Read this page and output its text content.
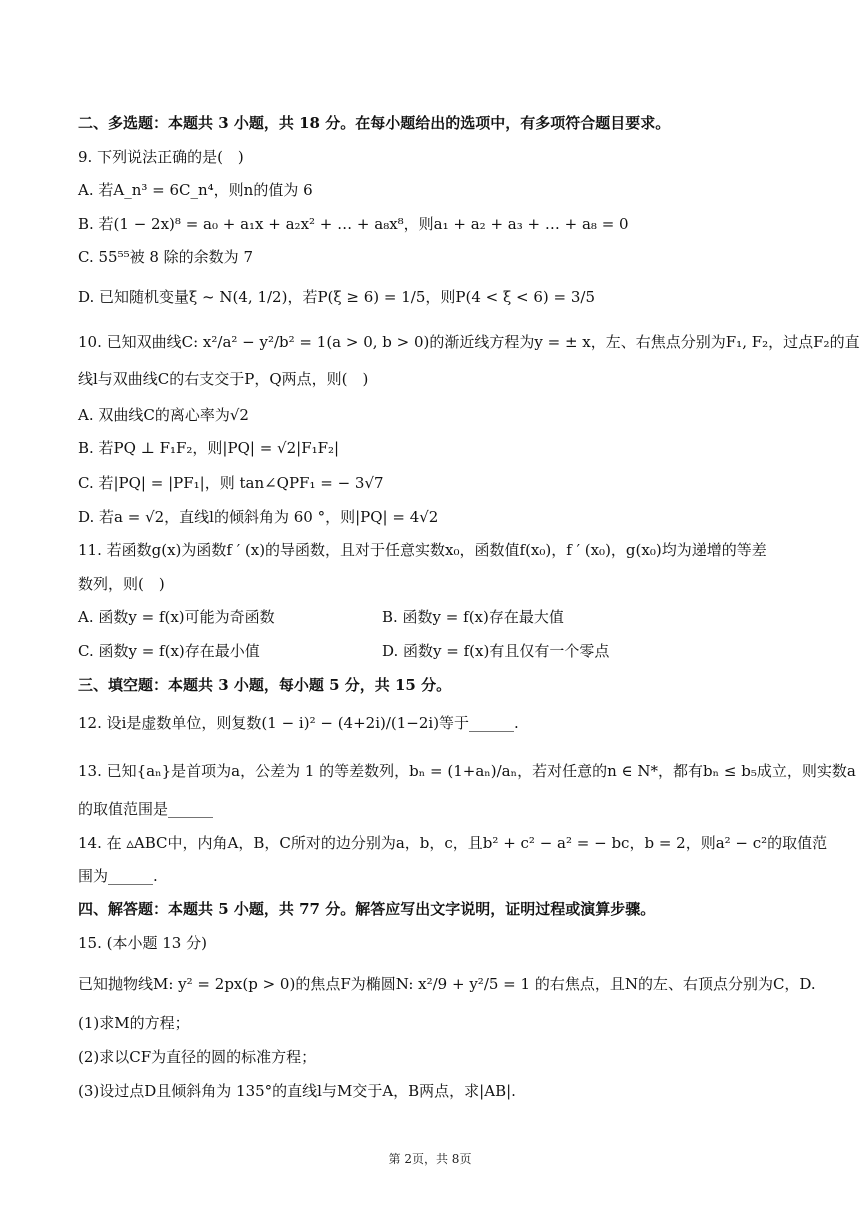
二、多选题：本题共 3 小题，共 18 分。在每小题给出的选项中，有多项符合题目要求。
9. 下列说法正确的是(　)
A. 若A_n³ = 6C_n⁴，则n的值为 6
B. 若(1 − 2x)⁸ = a₀ + a₁x + a₂x² + … + a₈x⁸，则a₁ + a₂ + a₃ + … + a₈ = 0
C. 55⁵⁵被 8 除的余数为 7
D. 已知随机变量ξ ~ N(4, 1/2)，若P(ξ ≥ 6) = 1/5，则P(4 < ξ < 6) = 3/5
10. 已知双曲线C: x²/a² − y²/b² = 1(a > 0, b > 0)的渐近线方程为y = ± x，左、右焦点分别为F₁, F₂，过点F₂的直
线l与双曲线C的右支交于P，Q两点，则(　)
A. 双曲线C的离心率为√2
B. 若PQ ⊥ F₁F₂，则|PQ| = √2|F₁F₂|
C. 若|PQ| = |PF₁|，则 tan∠QPF₁ = − 3√7
D. 若a = √2，直线l的倾斜角为 60 °，则|PQ| = 4√2
11. 若函数g(x)为函数f ′ (x)的导函数，且对于任意实数x₀，函数值f(x₀)，f ′ (x₀)，g(x₀)均为递增的等差
数列，则(　)
A. 函数y = f(x)可能为奇函数	B. 函数y = f(x)存在最大值
C. 函数y = f(x)存在最小值	D. 函数y = f(x)有且仅有一个零点
三、填空题：本题共 3 小题，每小题 5 分，共 15 分。
12. 设i是虚数单位，则复数(1 − i)² − (4+2i)/(1−2i)等于______.
13. 已知{aₙ}是首项为a，公差为 1 的等差数列，bₙ = (1+aₙ)/aₙ，若对任意的n ∈ N*，都有bₙ ≤ b₅成立，则实数a
的取值范围是______
14. 在 ▵ABC中，内角A，B，C所对的边分别为a，b，c，且b² + c² − a² = − bc，b = 2，则a² − c²的取值范
围为______.
四、解答题：本题共 5 小题，共 77 分。解答应写出文字说明，证明过程或演算步骤。
15. (本小题 13 分)
已知抛物线M: y² = 2px(p > 0)的焦点F为椭圆N: x²/9 + y²/5 = 1 的右焦点，且N的左、右顶点分别为C，D.
(1)求M的方程；
(2)求以CF为直径的圆的标准方程；
(3)设过点D且倾斜角为 135°的直线l与M交于A，B两点，求|AB|.
第 2页，共 8页
